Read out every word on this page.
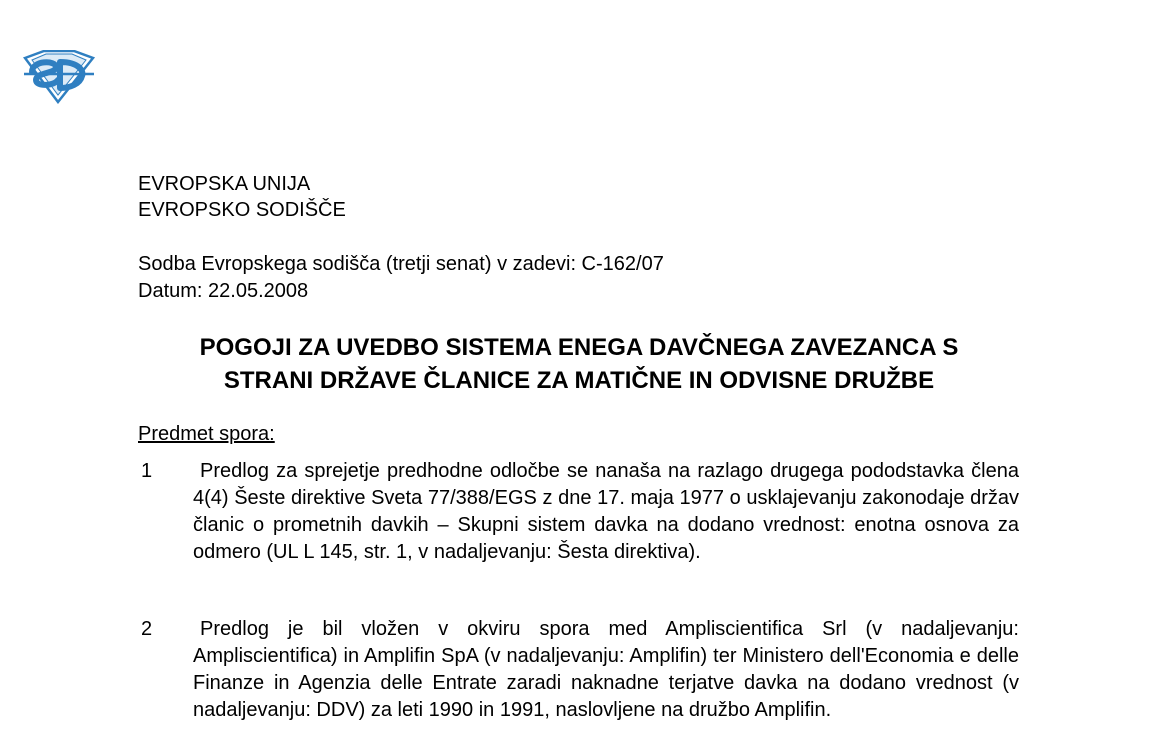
EVROPSKA UNIJA
EVROPSKO SODIŠČE
Sodba Evropskega sodišča (tretji senat) v zadevi: C-162/07
Datum: 22.05.2008
POGOJI ZA UVEDBO SISTEMA ENEGA DAVČNEGA ZAVEZANCA S
STRANI DRŽAVE ČLANICE ZA MATIČNE IN ODVISNE DRUŽBE
Predmet spora:
1	Predlog za sprejetje predhodne odločbe se nanaša na razlago drugega pododstavka člena 4(4) Šeste direktive Sveta 77/388/EGS z dne 17. maja 1977 o usklajevanju zakonodaje držav članic o prometnih davkih – Skupni sistem davka na dodano vrednost: enotna osnova za odmero (UL L 145, str. 1, v nadaljevanju: Šesta direktiva).
2	Predlog je bil vložen v okviru spora med Ampliscientifica Srl (v nadaljevanju: Ampliscientifica) in Amplifin SpA (v nadaljevanju: Amplifin) ter Ministero dell'Economia e delle Finanze in Agenzia delle Entrate zaradi naknadne terjatve davka na dodano vrednost (v nadaljevanju: DDV) za leti 1990 in 1991, naslovljene na družbo Amplifin.
